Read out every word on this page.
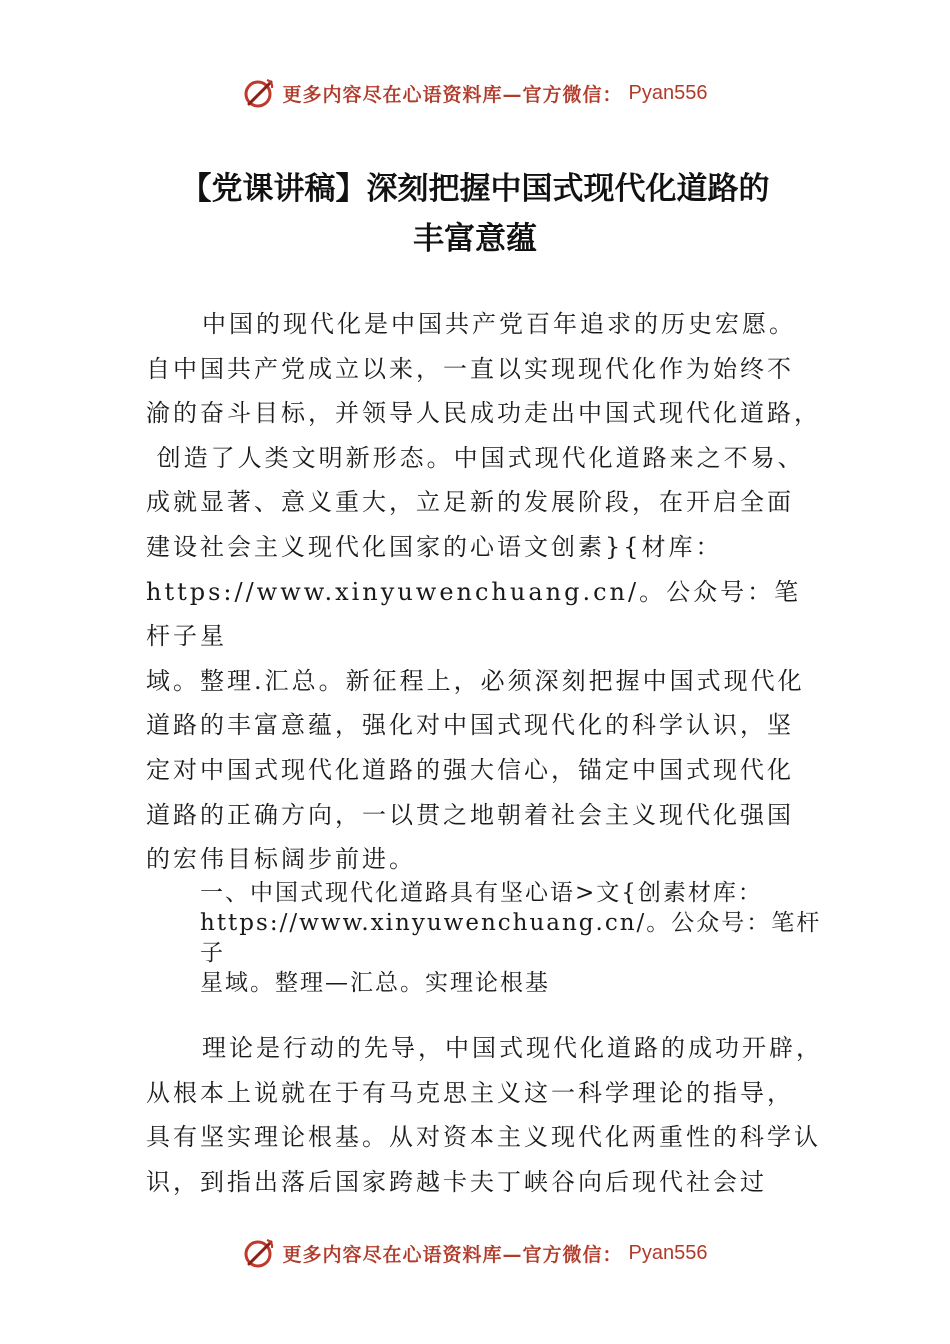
更多内容尽在心语资料库—官方微信： Pyan556
【党课讲稿】深刻把握中国式现代化道路的
丰富意蕴
中国的现代化是中国共产党百年追求的历史宏愿。
自中国共产党成立以来，一直以实现现代化作为始终不
渝的奋斗目标，并领导人民成功走出中国式现代化道路，
创造了人类文明新形态。中国式现代化道路来之不易、
成就显著、意义重大，立足新的发展阶段，在开启全面
建设社会主义现代化国家的心语文创素}{材库：
https://www.xinyuwenchuang.cn/。公众号：笔杆子星
域。整理.汇总。新征程上，必须深刻把握中国式现代化
道路的丰富意蕴，强化对中国式现代化的科学认识，坚
定对中国式现代化道路的强大信心，锚定中国式现代化
道路的正确方向，一以贯之地朝着社会主义现代化强国
的宏伟目标阔步前进。
一、中国式现代化道路具有坚心语>文{创素材库：
https://www.xinyuwenchuang.cn/。公众号：笔杆子
星域。整理—汇总。实理论根基
理论是行动的先导，中国式现代化道路的成功开辟，
从根本上说就在于有马克思主义这一科学理论的指导，
具有坚实理论根基。从对资本主义现代化两重性的科学认
识，到指出落后国家跨越卡夫丁峡谷向后现代社会过
更多内容尽在心语资料库—官方微信： Pyan556
